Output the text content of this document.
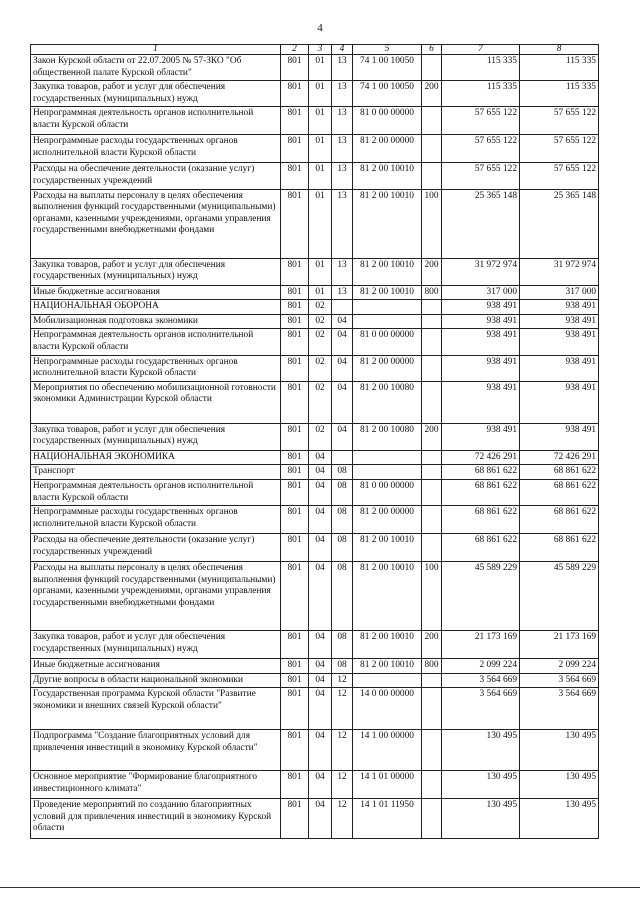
4
1	2	3	4	5	6	7	8
Закон Курской области от 22.07.2005 № 57-ЗКО "Об общественной палате Курской области"	801	01	13	74 1 00 10050		115 335	115 335
Закупка товаров, работ и услуг для обеспечения государственных (муниципальных) нужд	801	01	13	74 1 00 10050	200	115 335	115 335
Непрограммная деятельность органов исполнительной власти Курской области	801	01	13	81 0 00 00000		57 655 122	57 655 122
Непрограммные расходы государственных органов исполнительной власти Курской области	801	01	13	81 2 00 00000		57 655 122	57 655 122
Расходы на обеспечение деятельности (оказание услуг) государственных учреждений	801	01	13	81 2 00 10010		57 655 122	57 655 122
Расходы на выплаты персоналу в целях обеспечения выполнения функций государственными (муниципальными) органами, казенными учреждениями, органами управления государственными внебюджетными фондами	801	01	13	81 2 00 10010	100	25 365 148	25 365 148
Закупка товаров, работ и услуг для обеспечения государственных (муниципальных) нужд	801	01	13	81 2 00 10010	200	31 972 974	31 972 974
Иные бюджетные ассигнования	801	01	13	81 2 00 10010	800	317 000	317 000
НАЦИОНАЛЬНАЯ ОБОРОНА	801	02				938 491	938 491
Мобилизационная подготовка экономики	801	02	04			938 491	938 491
Непрограммная деятельность органов исполнительной власти Курской области	801	02	04	81 0 00 00000		938 491	938 491
Непрограммные расходы государственных органов исполнительной власти Курской области	801	02	04	81 2 00 00000		938 491	938 491
Мероприятия по обеспечению мобилизационной готовности экономики Администрации Курской области	801	02	04	81 2 00 10080		938 491	938 491
Закупка товаров, работ и услуг для обеспечения государственных (муниципальных) нужд	801	02	04	81 2 00 10080	200	938 491	938 491
НАЦИОНАЛЬНАЯ ЭКОНОМИКА	801	04				72 426 291	72 426 291
Транспорт	801	04	08			68 861 622	68 861 622
Непрограммная деятельность органов исполнительной власти Курской области	801	04	08	81 0 00 00000		68 861 622	68 861 622
Непрограммные расходы государственных органов исполнительной власти Курской области	801	04	08	81 2 00 00000		68 861 622	68 861 622
Расходы на обеспечение деятельности (оказание услуг) государственных учреждений	801	04	08	81 2 00 10010		68 861 622	68 861 622
Расходы на выплаты персоналу в целях обеспечения выполнения функций государственными (муниципальными) органами, казенными учреждениями, органами управления государственными внебюджетными фондами	801	04	08	81 2 00 10010	100	45 589 229	45 589 229
Закупка товаров, работ и услуг для обеспечения государственных (муниципальных) нужд	801	04	08	81 2 00 10010	200	21 173 169	21 173 169
Иные бюджетные ассигнования	801	04	08	81 2 00 10010	800	2 099 224	2 099 224
Другие вопросы в области национальной экономики	801	04	12			3 564 669	3 564 669
Государственная программа Курской области "Развитие экономики и внешних связей Курской области"	801	04	12	14 0 00 00000		3 564 669	3 564 669
Подпрограмма "Создание благоприятных условий для привлечения инвестиций в экономику Курской области"	801	04	12	14 1 00 00000		130 495	130 495
Основное мероприятие "Формирование благоприятного инвестиционного климата"	801	04	12	14 1 01 00000		130 495	130 495
Проведение мероприятий по созданию благоприятных условий для привлечения инвестиций в экономику Курской области	801	04	12	14 1 01 11950		130 495	130 495
